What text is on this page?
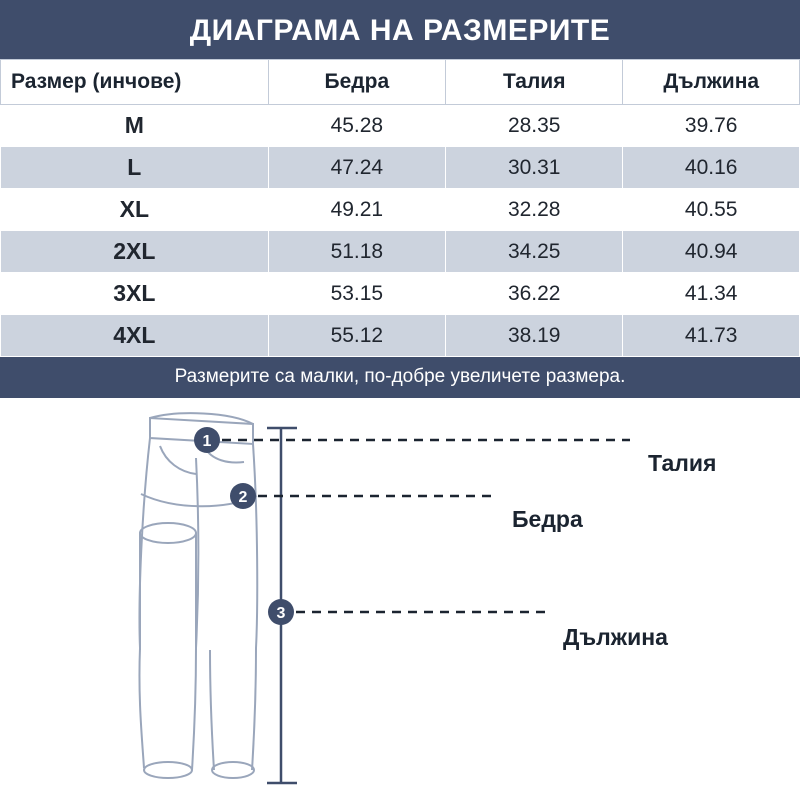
ДИАГРАМА НА РАЗМЕРИТЕ
Размер (инчове)	Бедра	Талия	Дължина
M	45.28	28.35	39.76
L	47.24	30.31	40.16
XL	49.21	32.28	40.55
2XL	51.18	34.25	40.94
3XL	53.15	36.22	41.34
4XL	55.12	38.19	41.73
Размерите са малки, по-добре увеличете размера.
1
2
3
Талия
Бедра
Дължина
